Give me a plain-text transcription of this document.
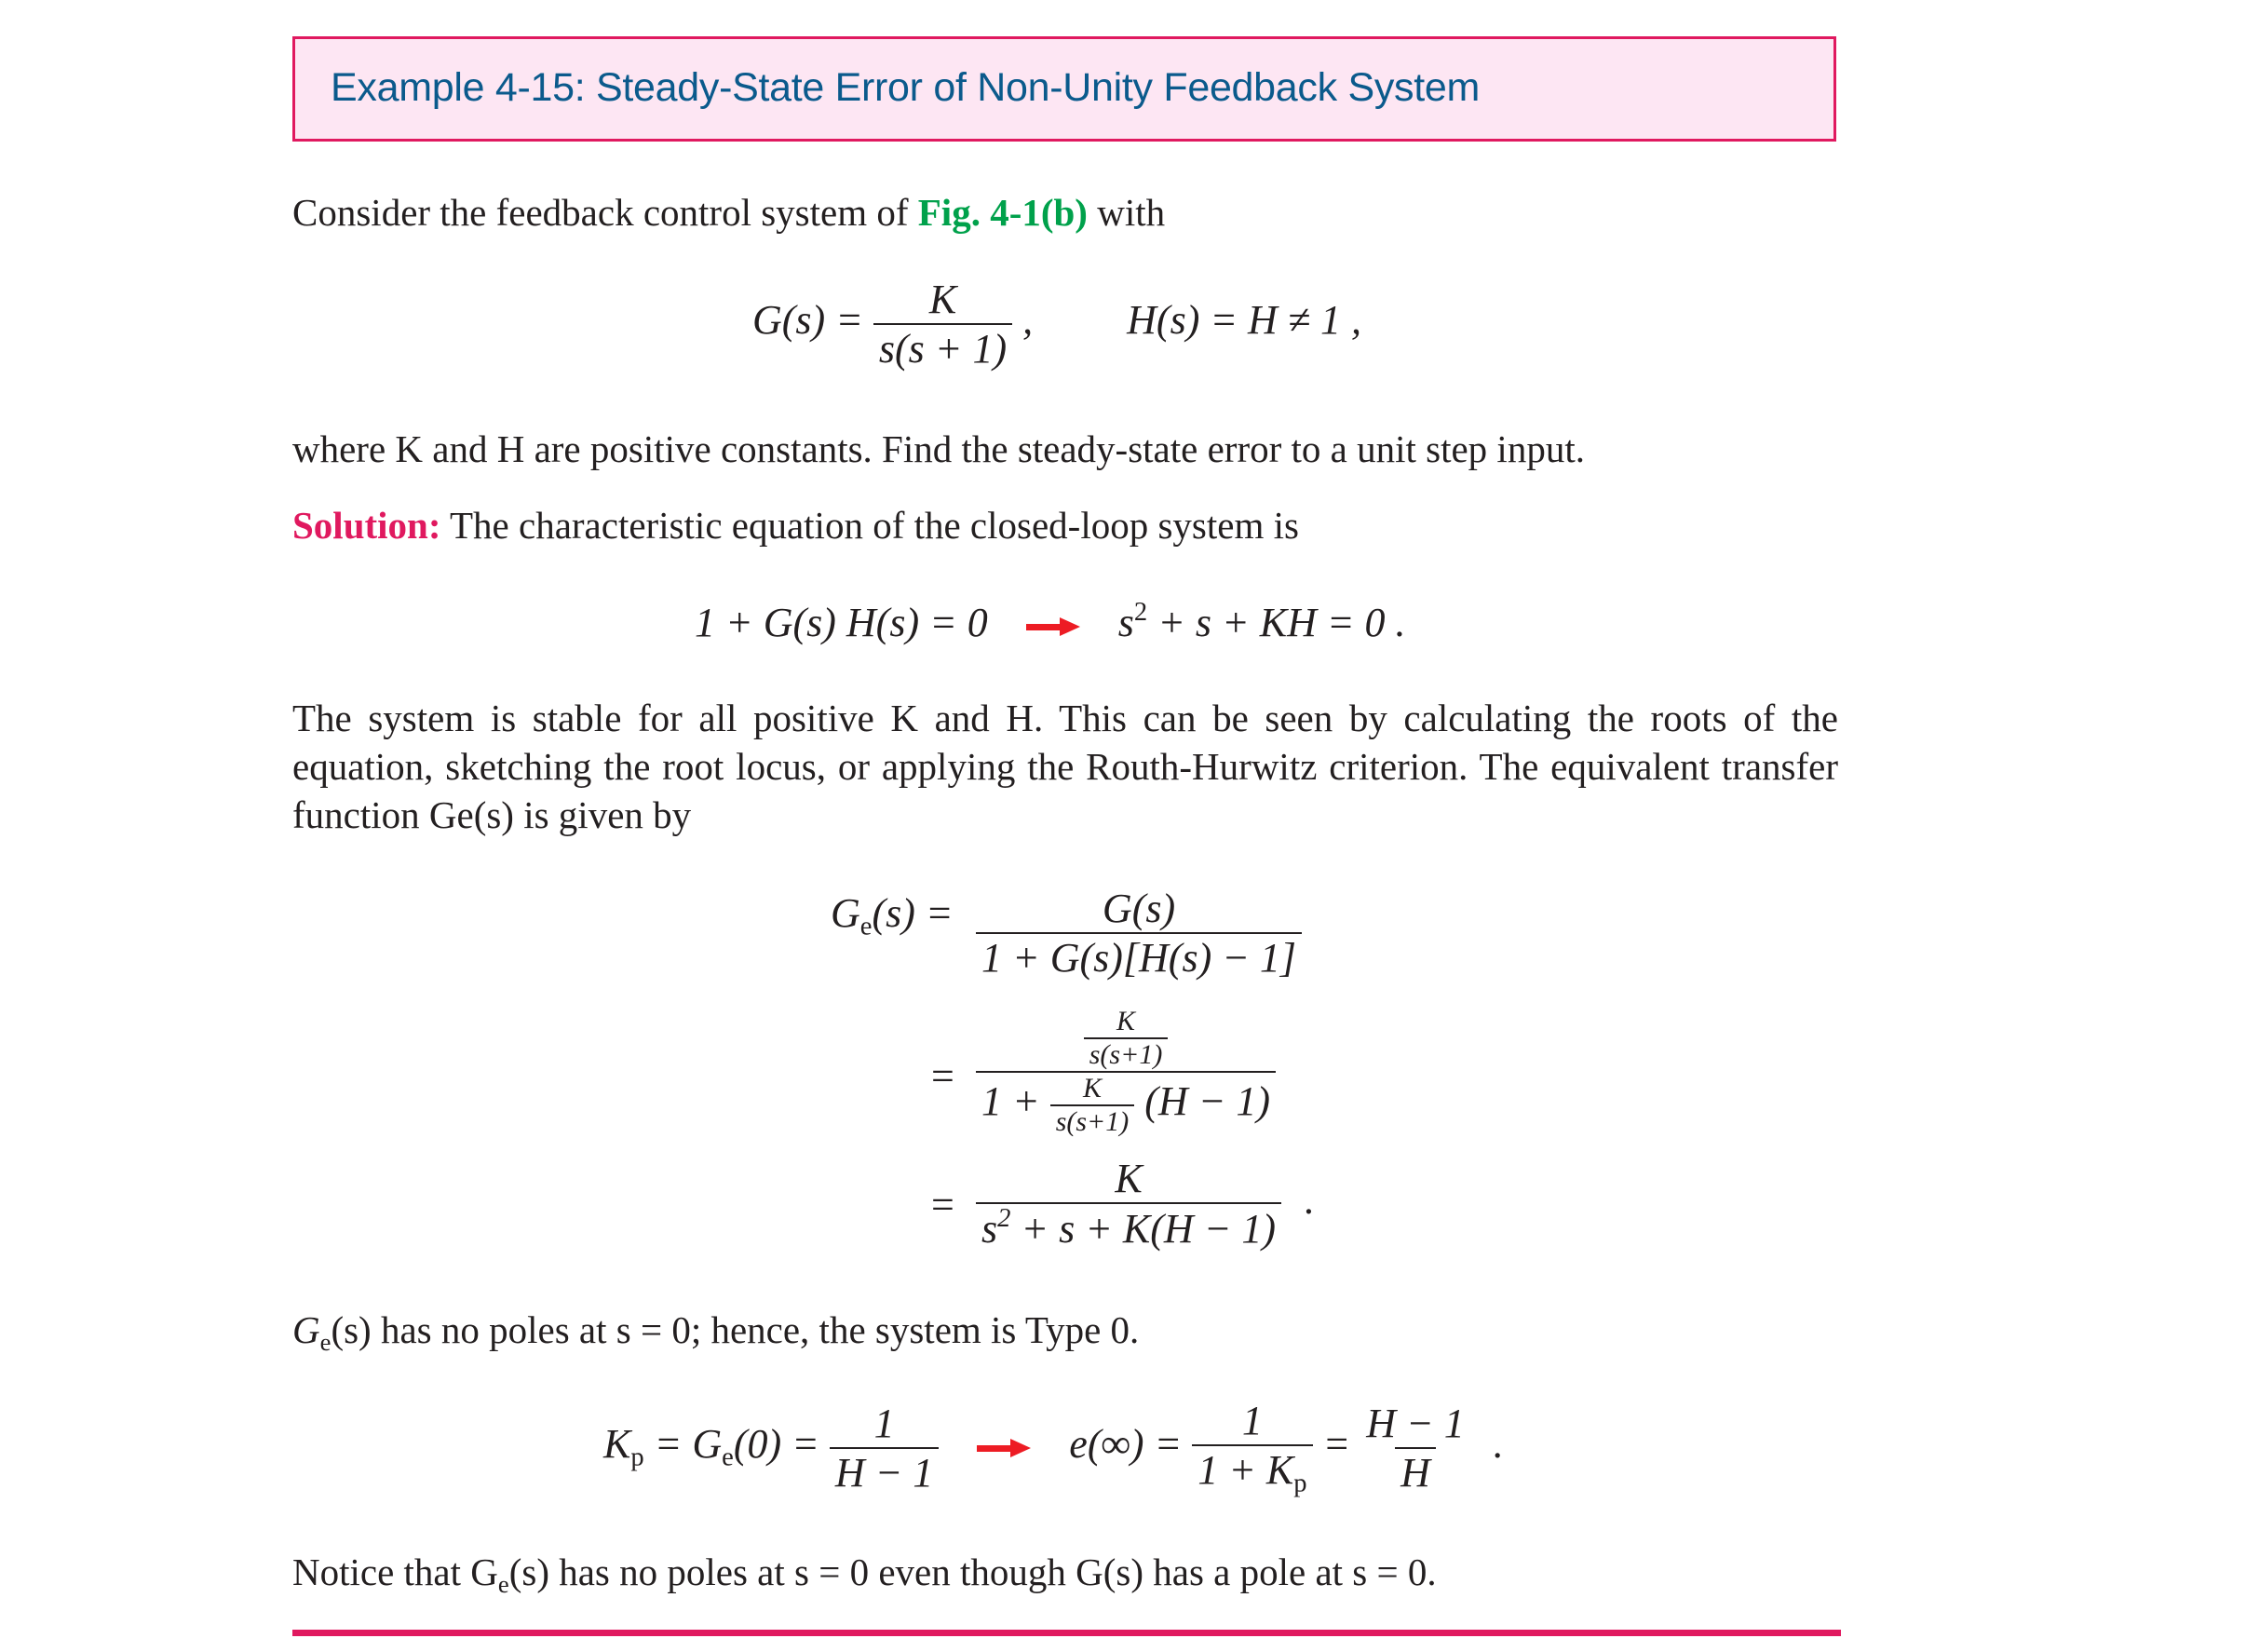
Example 4-15: Steady-State Error of Non-Unity Feedback System
Consider the feedback control system of Fig. 4-1(b) with
$G(s) = \frac{K}{s(s + 1)}$ , H(s) = H ≠ 1 ,
where K and H are positive constants. Find the steady-state error to a unit step input.
Solution: The characteristic equation of the closed-loop system is
1 + G(s) H(s) = 0	$s^2 + s$ + KH = 0 .
The system is stable for all positive K and H. This can be seen by calculating the roots of the equation, sketching the root locus, or applying the Routh-Hurwitz criterion. The equivalent transfer function Ge(s) is given by
$G_e(s) = \frac{G(s)}{1 + G(s)[H(s) - 1]}$
= $\frac{\frac{K}{s(s+1)}}{1 + \frac{K}{s(s+1)} (H - 1)}$
= $\frac{K}{s^2 + s + K(H - 1)}$ .
$G_e(s)$ has no poles at s = 0; hence, the system is Type 0.
$K_p = G_e(0) = \frac{1}{H - 1}$	$e(\infty) = \frac{1}{1 + K_p} = \frac{H - 1}{H}$ .
Notice that $G_e(s)$ has no poles at s = 0 even though G(s) has a pole at s = 0.
